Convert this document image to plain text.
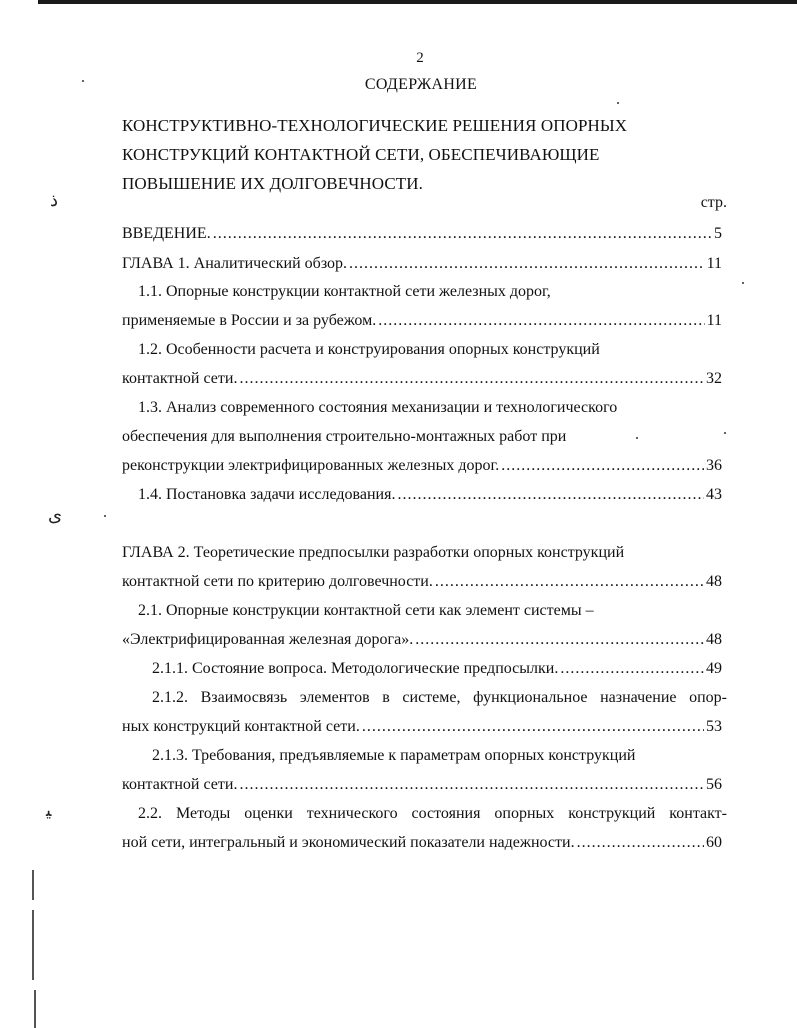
ذ
ﻯ
ﯿ
2
СОДЕРЖАНИЕ
КОНСТРУКТИВНО-ТЕХНОЛОГИЧЕСКИЕ РЕШЕНИЯ ОПОРНЫХ
КОНСТРУКЦИЙ КОНТАКТНОЙ СЕТИ, ОБЕСПЕЧИВАЮЩИЕ
ПОВЫШЕНИЕ ИХ ДОЛГОВЕЧНОСТИ.
стр.
ВВЕДЕНИЕ. .....	5
ГЛАВА 1. Аналитический обзор. .....	11
1.1. Опорные конструкции контактной сети железных дорог,
применяемые в России и за рубежом. .....	11
1.2. Особенности расчета и конструирования опорных конструкций
контактной сети. .....	32
1.3. Анализ современного состояния механизации и технологического
обеспечения для выполнения строительно-монтажных работ при
реконструкции электрифицированных железных дорог. .....	36
1.4. Постановка задачи исследования. .....	43
ГЛАВА 2. Теоретические предпосылки разработки опорных конструкций
контактной сети по критерию долговечности. .....	48
2.1. Опорные конструкции контактной сети как элемент системы –
«Электрифицированная железная дорога». .....	48
2.1.1. Состояние вопроса. Методологические предпосылки. .....	49
2.1.2. Взаимосвязь элементов в системе, функциональное назначение опор-
ных конструкций контактной сети. .....	53
2.1.3. Требования, предъявляемые к параметрам опорных конструкций
контактной сети. .....	56
2.2. Методы оценки технического состояния опорных конструкций контакт-
ной сети, интегральный и экономический показатели надежности. .....	60
